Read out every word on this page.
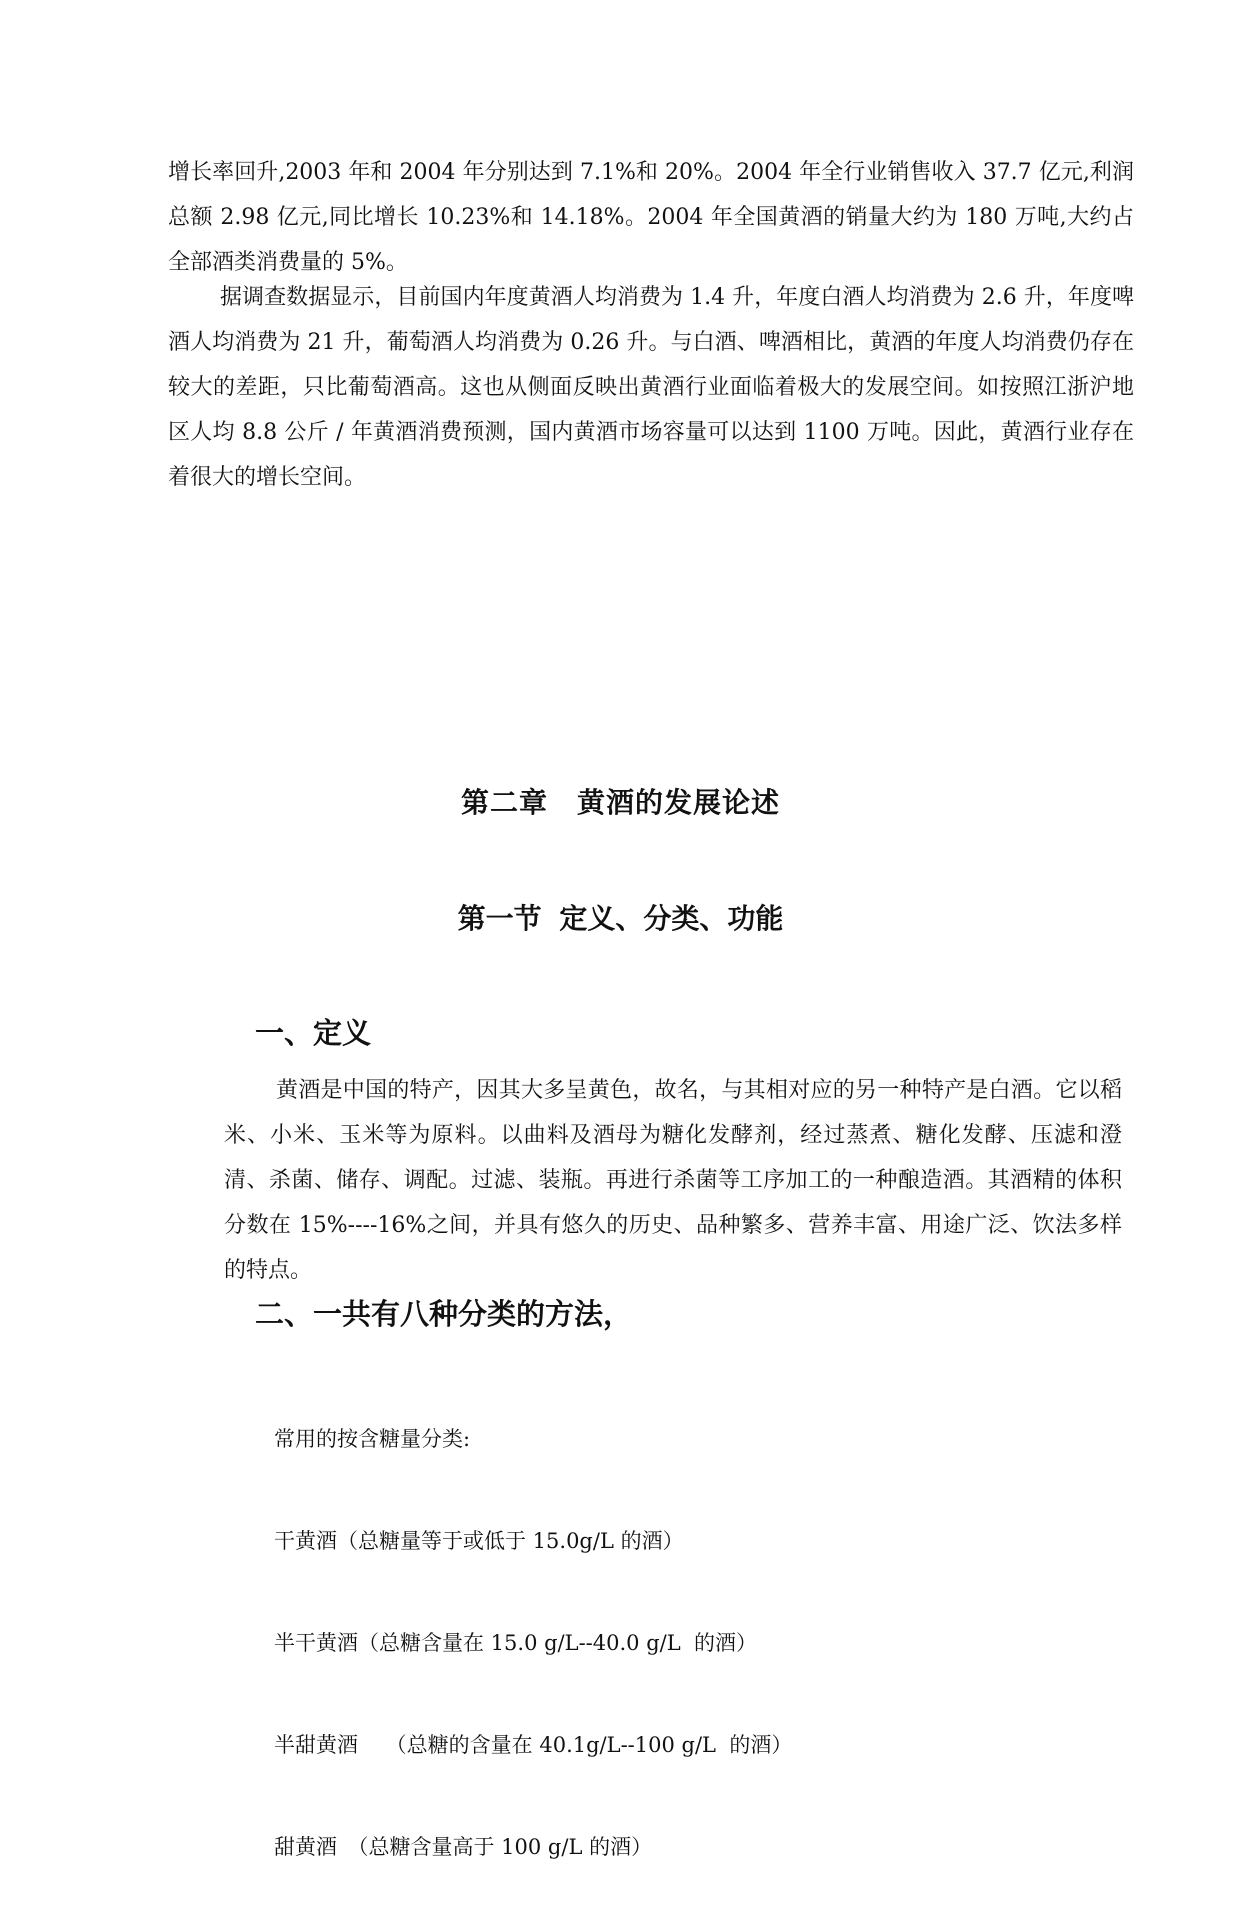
增长率回升,2003 年和 2004 年分别达到 7.1%和 20%。2004 年全行业销售收入 37.7 亿元,利润总额 2.98 亿元,同比增长 10.23%和 14.18%。2004 年全国黄酒的销量大约为 180 万吨,大约占全部酒类消费量的 5%。

据调查数据显示，目前国内年度黄酒人均消费为 1.4 升，年度白酒人均消费为 2.6 升，年度啤酒人均消费为 21 升，葡萄酒人均消费为 0.26 升。与白酒、啤酒相比，黄酒的年度人均消费仍存在较大的差距，只比葡萄酒高。这也从侧面反映出黄酒行业面临着极大的发展空间。如按照江浙沪地区人均 8.8 公斤 / 年黄酒消费预测，国内黄酒市场容量可以达到 1100 万吨。因此，黄酒行业存在着很大的增长空间。

第二章　黄酒的发展论述
第一节 定义、分类、功能
一、定义

黄酒是中国的特产，因其大多呈黄色，故名，与其相对应的另一种特产是白酒。它以稻米、小米、玉米等为原料。以曲料及酒母为糖化发酵剂，经过蒸煮、糖化发酵、压滤和澄清、杀菌、储存、调配。过滤、装瓶。再进行杀菌等工序加工的一种酿造酒。其酒精的体积分数在 15%----16%之间，并具有悠久的历史、品种繁多、营养丰富、用途广泛、饮法多样的特点。

二、一共有八种分类的方法，

常用的按含糖量分类:

干黄酒（总糖量等于或低于 15.0g/L 的酒）

半干黄酒（总糖含量在 15.0 g/L--40.0 g/L  的酒）

半甜黄酒　 （总糖的含量在 40.1g/L--100 g/L  的酒）

甜黄酒　（总糖含量高于 100 g/L 的酒）
